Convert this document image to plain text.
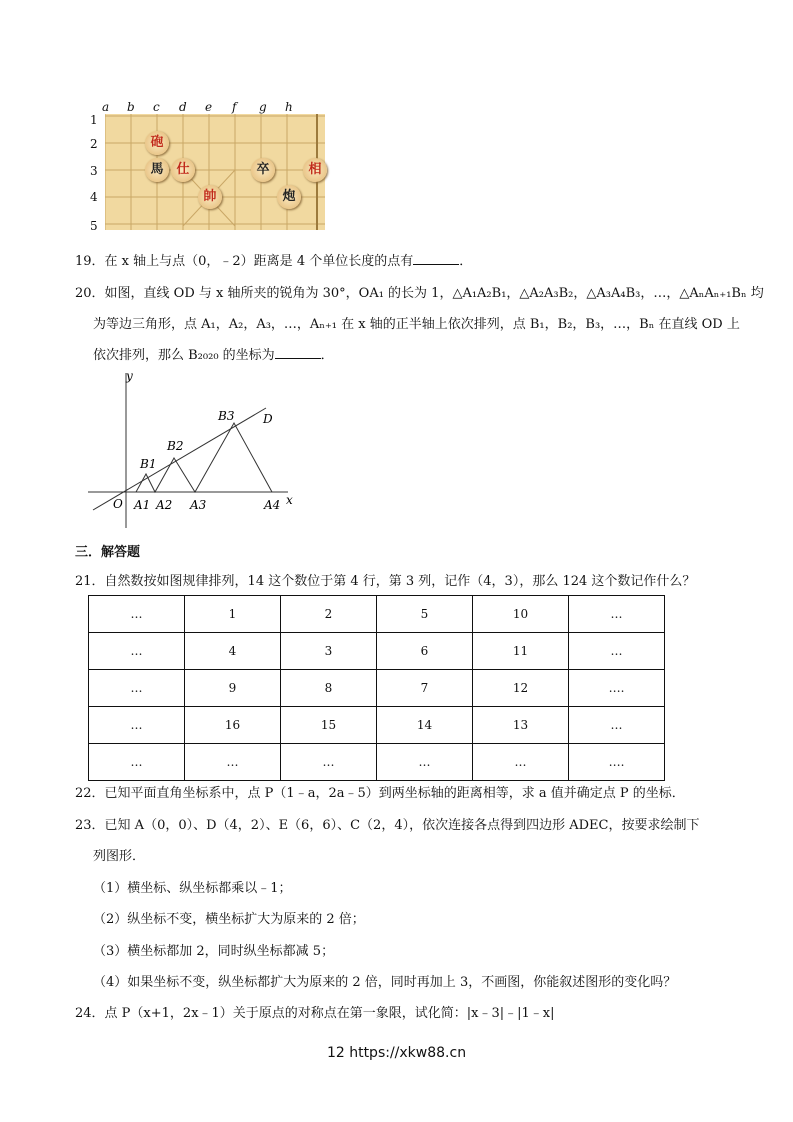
a b c d e f g h
1
2
3
4
5
砲
馬 仕
帥
卒
炮
相
19．在 x 轴上与点（0，﹣2）距离是 4 个单位长度的点有	．
20．如图，直线 OD 与 x 轴所夹的锐角为 30°，OA₁ 的长为 1，△A₁A₂B₁，△A₂A₃B₂，△A₃A₄B₃，…，△AₙAₙ₊₁Bₙ 均
为等边三角形，点 A₁，A₂，A₃，…，Aₙ₊₁ 在 x 轴的正半轴上依次排列，点 B₁，B₂，B₃，…，Bₙ 在直线 OD 上
依次排列，那么 B₂₀₂₀ 的坐标为	．
y
x
O
D
A1 A2 A3	A4
B1
B2
B3
三．解答题
21．自然数按如图规律排列，14 这个数位于第 4 行，第 3 列，记作（4，3），那么 124 这个数记作什么？
…	1	2	5	10	…
…	4	3	6	11	…
…	9	8	7	12	….
…	16	15	14	13	…
…	…	…	…	…	….
22．已知平面直角坐标系中，点 P（1﹣a，2a﹣5）到两坐标轴的距离相等，求 a 值并确定点 P 的坐标．
23．已知 A（0，0）、D（4，2）、E（6，6）、C（2，4），依次连接各点得到四边形 ADEC，按要求绘制下
列图形．
（1）横坐标、纵坐标都乘以﹣1；
（2）纵坐标不变，横坐标扩大为原来的 2 倍；
（3）横坐标都加 2，同时纵坐标都减 5；
（4）如果坐标不变，纵坐标都扩大为原来的 2 倍，同时再加上 3，不画图，你能叙述图形的变化吗？
24．点 P（x+1，2x﹣1）关于原点的对称点在第一象限，试化简：|x﹣3|﹣|1﹣x|
12 https://xkw88.cn
